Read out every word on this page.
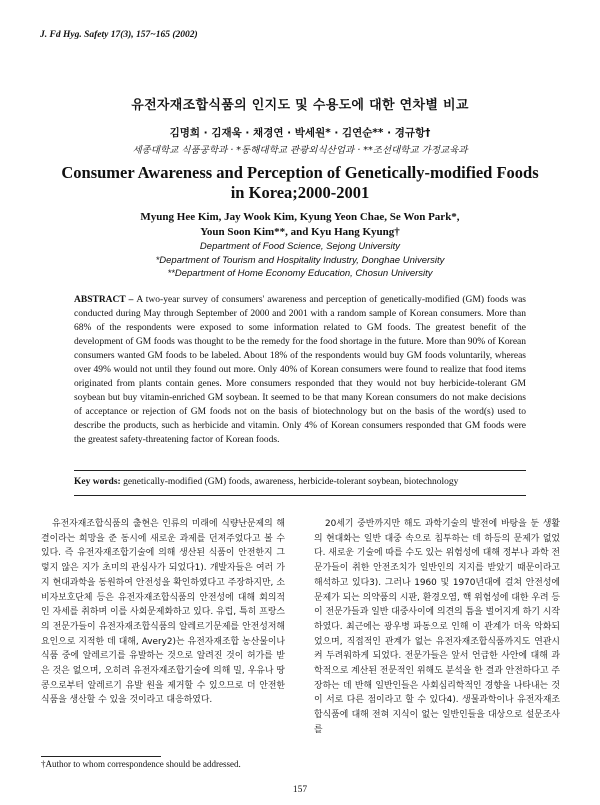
J. Fd Hyg. Safety 17(3), 157~165 (2002)
유전자재조합식품의 인지도 및 수용도에 대한 연차별 비교
김명희 · 김재욱 · 채경연 · 박세원* · 김연순** · 경규항†
세종대학교 식품공학과 · *동해대학교 관광외식산업과 · **조선대학교 가정교육과
Consumer Awareness and Perception of Genetically-modified Foods
in Korea;2000-2001
Myung Hee Kim, Jay Wook Kim, Kyung Yeon Chae, Se Won Park*,
Youn Soon Kim**, and Kyu Hang Kyung†
Department of Food Science, Sejong University
*Department of Tourism and Hospitality Industry, Donghae University
**Department of Home Economy Education, Chosun University
ABSTRACT – A two-year survey of consumers' awareness and perception of genetically-modified (GM) foods was conducted during May through September of 2000 and 2001 with a random sample of Korean consumers. More than 68% of the respondents were exposed to some information related to GM foods. The greatest benefit of the development of GM foods was thought to be the remedy for the food shortage in the future. More than 90% of Korean consumers wanted GM foods to be labeled. About 18% of the respondents would buy GM foods voluntarily, whereas over 49% would not until they found out more. Only 40% of Korean consumers were found to realize that food items originated from plants contain genes. More consumers responded that they would not buy herbicide-tolerant GM soybean but buy vitamin-enriched GM soybean. It seemed to be that many Korean consumers do not make decisions of acceptance or rejection of GM foods not on the basis of biotechnology but on the basis of the word(s) used to describe the products, such as herbicide and vitamin. Only 4% of Korean consumers responded that GM foods were the greatest safety-threatening factor of Korean foods.
Key words: genetically-modified (GM) foods, awareness, herbicide-tolerant soybean, biotechnology
유전자재조합식품의 출현은 인류의 미래에 식량난문제의 해결이라는 희망을 준 동시에 새로운 과제를 던져주었다고 볼 수 있다. 즉 유전자재조합기술에 의해 생산된 식품이 안전한지 그렇지 않은 지가 초미의 관심사가 되었다1). 개발자들은 여러 가지 현대과학을 동원하여 안전성을 확인하였다고 주장하지만, 소비자보호단체 등은 유전자재조합식품의 안전성에 대해 회의적인 자세를 취하며 이를 사회문제화하고 있다. 유럽, 특히 프랑스의 전문가들이 유전자재조합식품의 알레르기문제를 안전성저해요인으로 지적한 데 대해, Avery2)는 유전자재조합 농산물이나 식품 중에 알레르기를 유발하는 것으로 알려진 것이 허가를 받은 것은 없으며, 오히려 유전자재조합기술에 의해 밀, 우유나 땅콩으로부터 알레르기 유발 원을 제거할 수 있으므로 더 안전한 식품을 생산할 수 있을 것이라고 대응하였다.
20세기 중반까지만 해도 과학기술의 발전에 바탕을 둔 생활의 현대화는 일반 대중 속으로 침투하는 데 하등의 문제가 없었다. 새로운 기술에 따를 수도 있는 위험성에 대해 정부나 과학 전문가들이 취한 안전조치가 일반인의 지지를 받았기 때문이라고 해석하고 있다3). 그러나 1960 및 1970년대에 걸쳐 안전성에 문제가 되는 의약품의 시판, 환경오염, 핵 위험성에 대한 우려 등이 전문가들과 일반 대중사이에 의견의 틈을 벌어지게 하기 시작하였다. 최근에는 광우병 파동으로 인해 이 관계가 더욱 악화되었으며, 직접적인 관계가 없는 유전자재조합식품까지도 연관시켜 두려워하게 되었다. 전문가들은 앞서 언급한 사안에 대해 과학적으로 계산된 전문적인 위해도 분석을 한 결과 안전하다고 주장하는 데 반해 일반인들은 사회심리학적인 경향을 나타내는 것이 서로 다른 점이라고 할 수 있다4). 생물과학이나 유전자재조합식품에 대해 전혀 지식이 없는 일반인들을 대상으로 설문조사를
†Author to whom correspondence should be addressed.
157
